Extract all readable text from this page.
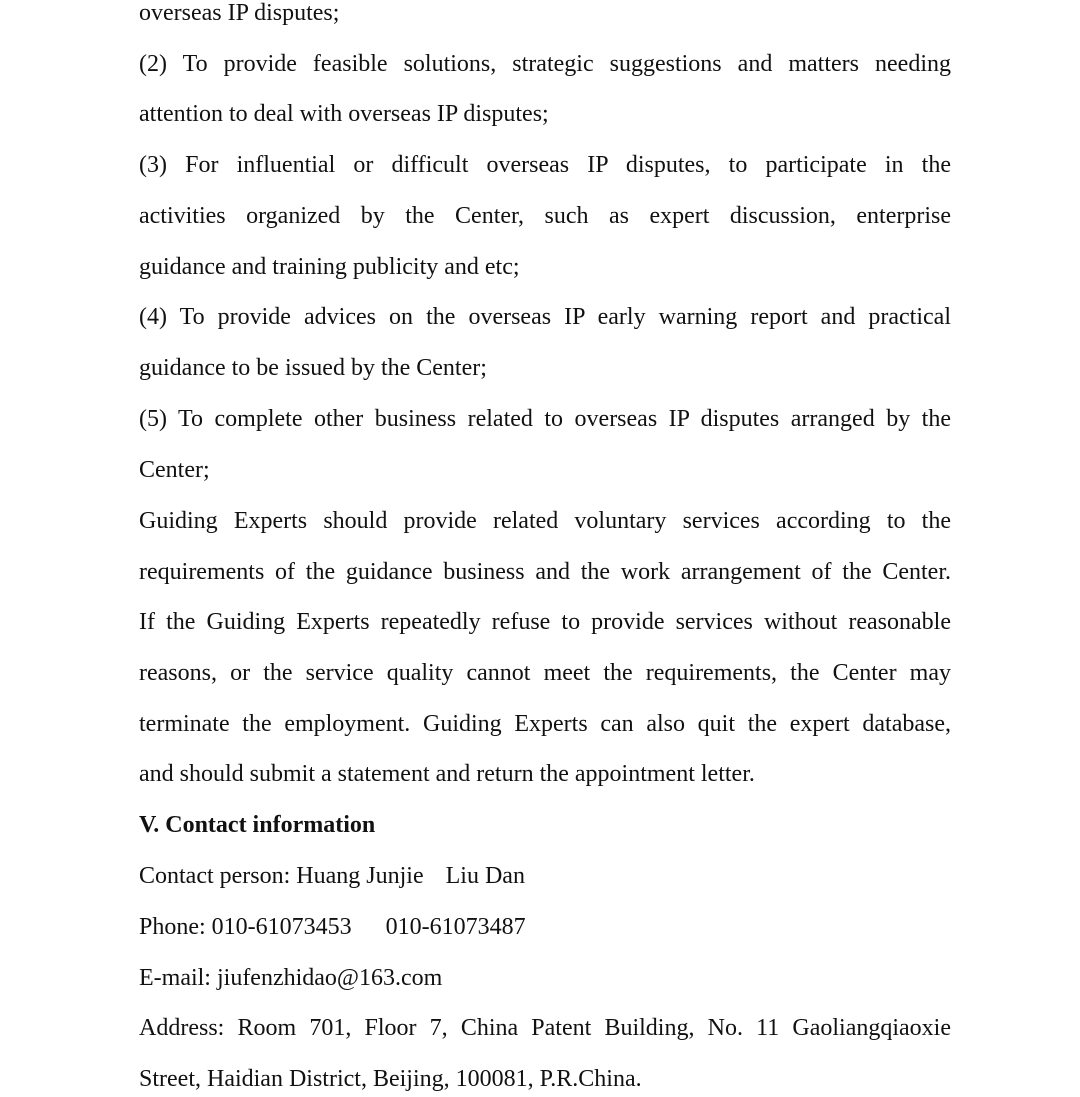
overseas IP disputes;
(2) To provide feasible solutions, strategic suggestions and matters needing
attention to deal with overseas IP disputes;
(3) For influential or difficult overseas IP disputes, to participate in the
activities organized by the Center, such as expert discussion, enterprise
guidance and training publicity and etc;
(4) To provide advices on the overseas IP early warning report and practical
guidance to be issued by the Center;
(5) To complete other business related to overseas IP disputes arranged by the
Center;
Guiding Experts should provide related voluntary services according to the
requirements of the guidance business and the work arrangement of the Center.
If the Guiding Experts repeatedly refuse to provide services without reasonable
reasons, or the service quality cannot meet the requirements, the Center may
terminate the employment. Guiding Experts can also quit the expert database,
and should submit a statement and return the appointment letter.
V. Contact information
Contact person: Huang Junjie Liu Dan
Phone: 010-61073453 010-61073487
E-mail: jiufenzhidao@163.com
Address: Room 701, Floor 7, China Patent Building, No. 11 Gaoliangqiaoxie
Street, Haidian District, Beijing, 100081, P.R.China.
